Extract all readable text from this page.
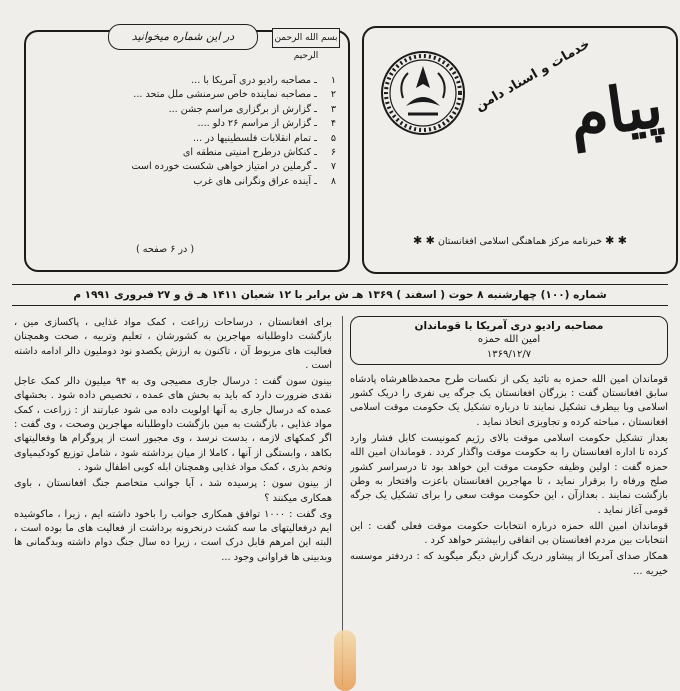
بسم الله الرحمن الرحیم
در این شماره میخوانید
۱ ـ مصاحبه رادیو دری آمریکا با ...
۲ ـ مصاحبه نماینده خاص سرمنشی ملل متحد ...
۳ ـ گزارش از برگزاری مراسم جشن ...
۴ ـ گزارش از مراسم ۲۶ دلو ....
۵ ـ تمام انقلابات فلسطینیها در ...
۶ ـ کنکاش درطرح امنیتی منطقه ای
۷ ـ گرملین در امتیاز خواهی شکست خورده است
۸ ـ آینده عراق ونگرانی های غرب
( در ۶ صفحه )
خدمات و اسناد دامن
پیام
✱ ✱ خبرنامه مرکز هماهنگی اسلامی افغانستان ✱ ✱
شماره (۱۰۰) چهارشنبه ۸ حوت ( اسفند ) ۱۳۶۹ هـ ش برابر با ۱۲ شعبان ۱۴۱۱ هـ ق و ۲۷ فبروری ۱۹۹۱ م
مصاحبه رادیو دری آمریکا با قوماندان
امین الله حمزه
۱۳۶۹/۱۲/۷

قوماندان امین الله حمزه به تائید یکی از نکسات طرح محمدظاهرشاه پادشاه سابق افغانستان گفت : بزرگان افغانستان یک جرگه یی نفری را دریک کشور اسلامی ویا بیطرف تشکیل نمایند تا درباره تشکیل یک حکومت موقت اسلامی افغانستان ، مباحثه کرده و تجاویزی اتخاذ نماید .

بعداز تشکیل حکومت اسلامی موقت بالای رژیم کمونیست کابل فشار وارد کرده تا اداره افغانستان را به حکومت موقت واگذار کردد . قوماندان امین الله حمزه گفت : اولین وظیفه حکومت موقت این خواهد بود تا درسراسر کشور صلح ورفاه را برقرار نماید ، تا مهاجرین افغانستان باعزت وافتخار به وطن بازگشت نمایند . بعدازآن ، این حکومت موقت سعی را برای تشکیل یک جرگه قومی آغاز نماید .

قوماندان امین الله حمزه درباره انتخابات حکومت موقت فعلی گفت : این انتخابات بین مردم افغانستان بی اتفاقی رابیشتر خواهد کرد .

همکار صدای آمریکا از پیشاور دریک گزارش دیگر میگوید که : دردفتر موسسه خیریه ...

برای افغانستان ، درساحات زراعت ، کمک مواد غذایی ، پاکسازی مین ، بازگشت داوطلبانه مهاجرین به کشورشان ، تعلیم وتربیه ، صحت وهمچنان فعالیت های مربوط آن ، تاکنون به ارزش یکصدو نود دوملیون دالر ادامه داشته است .

بینون سون گفت : درسال جاری مصیجی وی به ۹۴ میلیون دالر کمک عاجل نقدی ضرورت دارد که باید به بخش های عمده ، تخصیص داده شود . بخشهای عمده که درسال جاری به آنها اولویت داده می شود عبارتند از : زراعت ، کمک مواد غذایی ، بازگشت به مین بازگشت داوطلبانه مهاجرین وصحت ، وی گفت : اگر کمکهای لازمه ، بدست نرسد ، وی مجبور است از پروگرام ها وفعالیتهای بکاهد ، وابستگی از آنها ، کاملا از میان برداشته شود ، شامل توزیع کودکیمیاوی وتخم بذری ، کمک مواد غذایی وهمچنان ابله کوبی اطفال شود .

از بینون سون : پرسیده شد ، آیا جوانب متخاصم جنگ افغانستان ، باوی همکاری میکنند ؟

وی گفت : ۱۰۰۰ توافق همکاری جوانب را باخود داشته ایم ، زیرا ، ماکوشیده ایم درفعالیتهای ما سه کشت درنخرونه برداشت از فعالیت های ما بوده است ، البته این امرهم قابل درک است ، زیرا ده سال جنگ دوام داشته وبدگمانی ها وبدبینی ها فراوانی وجود ...
